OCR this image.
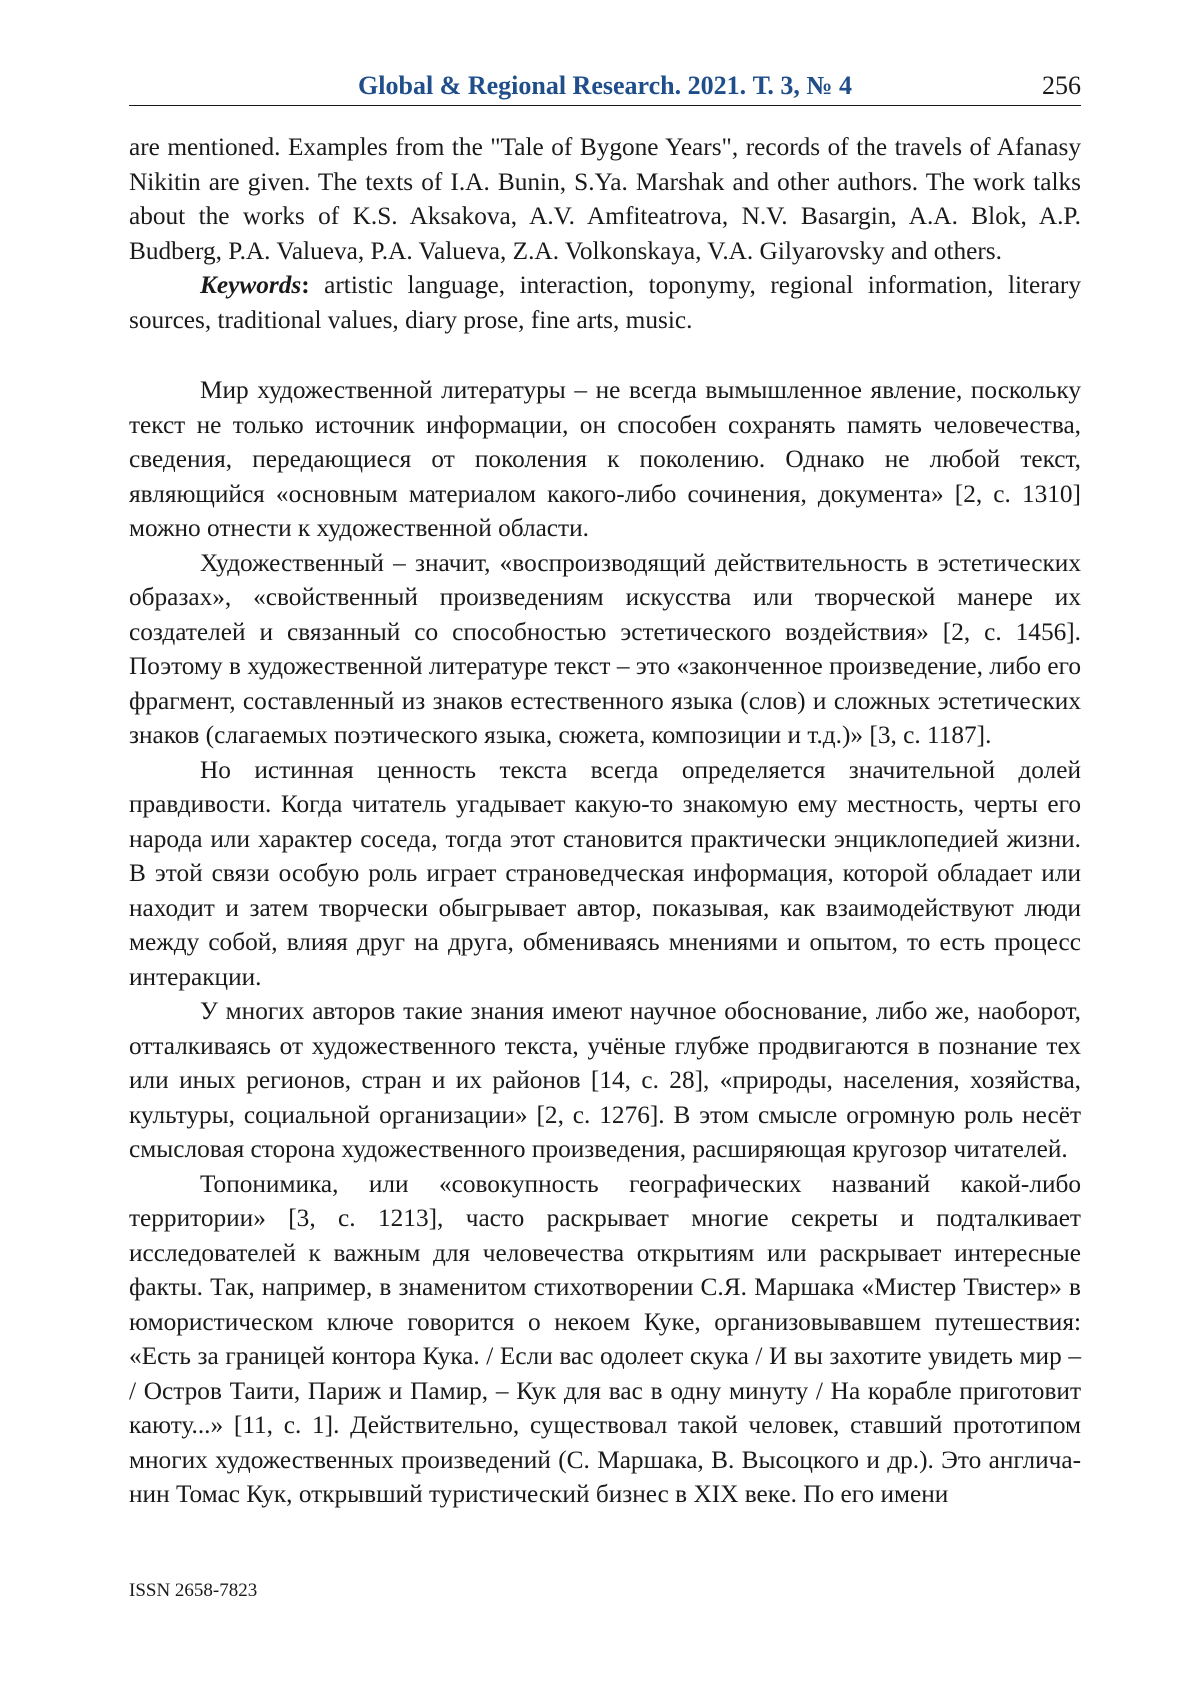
Global & Regional Research. 2021. Т. 3, № 4	256

are mentioned. Examples from the "Tale of Bygone Years", records of the travels of Afanasy Nikitin are given. The texts of I.A. Bunin, S.Ya. Marshak and other authors. The work talks about the works of K.S. Aksakova, A.V. Amfiteatrova, N.V. Basargin, A.A. Blok, A.P. Budberg, P.A. Valueva, P.A. Valueva, Z.A. Volkonskaya, V.A. Gilyarovsky and others.

Keywords: artistic language, interaction, toponymy, regional information, literary sources, traditional values, diary prose, fine arts, music.

Мир художественной литературы – не всегда вымышленное явление, поскольку текст не только источник информации, он способен сохранять память человечества, сведения, передающиеся от поколения к поколению. Однако не любой текст, являющийся «основным материалом какого-либо сочинения, документа» [2, с. 1310] можно отнести к художественной области.

Художественный – значит, «воспроизводящий действительность в эстетических образах», «свойственный произведениям искусства или творческой манере их создателей и связанный со способностью эстетического воздействия» [2, с. 1456]. Поэтому в художественной литературе текст – это «законченное произведение, либо его фрагмент, составленный из знаков естественного языка (слов) и сложных эстетических знаков (слагаемых поэтического языка, сюжета, композиции и т.д.)» [3, с. 1187].

Но истинная ценность текста всегда определяется значительной долей правдивости. Когда читатель угадывает какую-то знакомую ему местность, черты его народа или характер соседа, тогда этот становится практически энциклопедией жизни. В этой связи особую роль играет страноведческая информация, которой обладает или находит и затем творчески обыгрывает автор, показывая, как взаимодействуют люди между собой, влияя друг на друга, обмениваясь мнениями и опытом, то есть процесс интеракции.

У многих авторов такие знания имеют научное обоснование, либо же, наоборот, отталкиваясь от художественного текста, учёные глубже продвигаются в познание тех или иных регионов, стран и их районов [14, с. 28], «природы, населения, хозяйства, культуры, социальной организации» [2, с. 1276]. В этом смысле огромную роль несёт смысловая сторона художественного произведения, расширяющая кругозор читателей.

Топонимика, или «совокупность географических названий какой-либо территории» [3, с. 1213], часто раскрывает многие секреты и подталкивает исследователей к важным для человечества открытиям или раскрывает интересные факты. Так, например, в знаменитом стихотворении С.Я. Маршака «Мистер Твистер» в юмористическом ключе говорится о некоем Куке, организовывавшем путешествия: «Есть за границей контора Кука. / Если вас одолеет скука / И вы захотите увидеть мир – / Остров Таити, Париж и Памир, – Кук для вас в одну минуту / На корабле приготовит каюту...» [11, с. 1]. Действительно, существовал такой человек, ставший прототипом многих художественных произведений (С. Маршака, В. Высоцкого и др.). Это англичанин Томас Кук, открывший туристический бизнес в XIX веке. По его имени

ISSN 2658-7823
